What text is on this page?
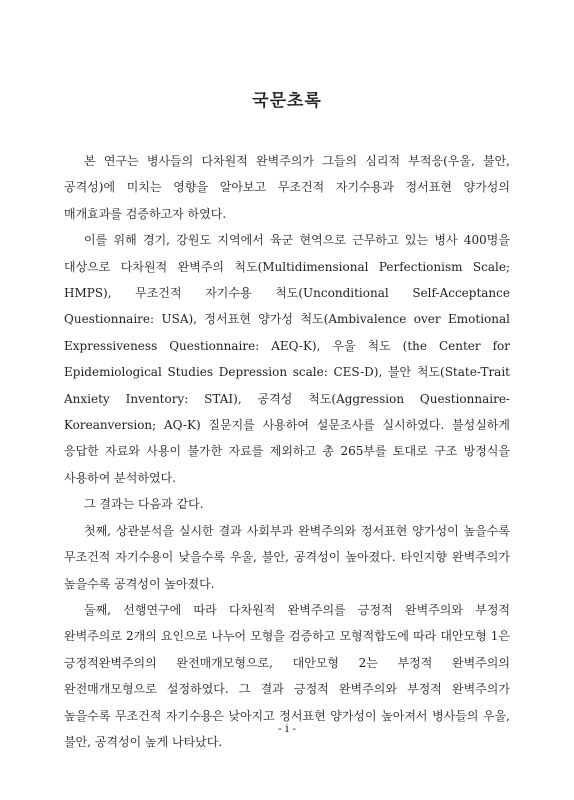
국문초록

본 연구는 병사들의 다차원적 완벽주의가 그들의 심리적 부적응(우울, 불안, 공격성)에 미치는 영향을 알아보고 무조건적 자기수용과 정서표현 양가성의 매개효과를 검증하고자 하였다.

이를 위해 경기, 강원도 지역에서 육군 현역으로 근무하고 있는 병사 400명을 대상으로 다차원적 완벽주의 척도(Multidimensional Perfectionism Scale; HMPS), 무조건적 자기수용 척도(Unconditional Self-Acceptance Questionnaire: USA), 정서표현 양가성 척도(Ambivalence over Emotional Expressiveness Questionnaire: AEQ-K), 우울 척도 (the Center for Epidemiological Studies Depression scale: CES-D), 불안 척도(State-Trait Anxiety Inventory: STAI), 공격성 척도(Aggression Questionnaire-Koreanversion; AQ-K) 질문지를 사용하여 설문조사를 실시하였다. 불성실하게 응답한 자료와 사용이 불가한 자료를 제외하고 총 265부를 토대로 구조 방정식을 사용하여 분석하였다.

그 결과는 다음과 같다.

첫째, 상관분석을 실시한 결과 사회부과 완벽주의와 정서표현 양가성이 높을수록 무조건적 자기수용이 낮을수록 우울, 불안, 공격성이 높아졌다. 타인지향 완벽주의가 높을수록 공격성이 높아졌다.

둘째, 선행연구에 따라 다차원적 완벽주의를 긍정적 완벽주의와 부정적 완벽주의로 2개의 요인으로 나누어 모형을 검증하고 모형적합도에 따라 대안모형 1은 긍정적완벽주의의 완전매개모형으로, 대안모형 2는 부정적 완벽주의의 완전매개모형으로 설정하였다. 그 결과 긍정적 완벽주의와 부정적 완벽주의가 높을수록 무조건적 자기수용은 낮아지고 정서표현 양가성이 높아져서 병사들의 우울, 불안, 공격성이 높게 나타났다.

- i -
